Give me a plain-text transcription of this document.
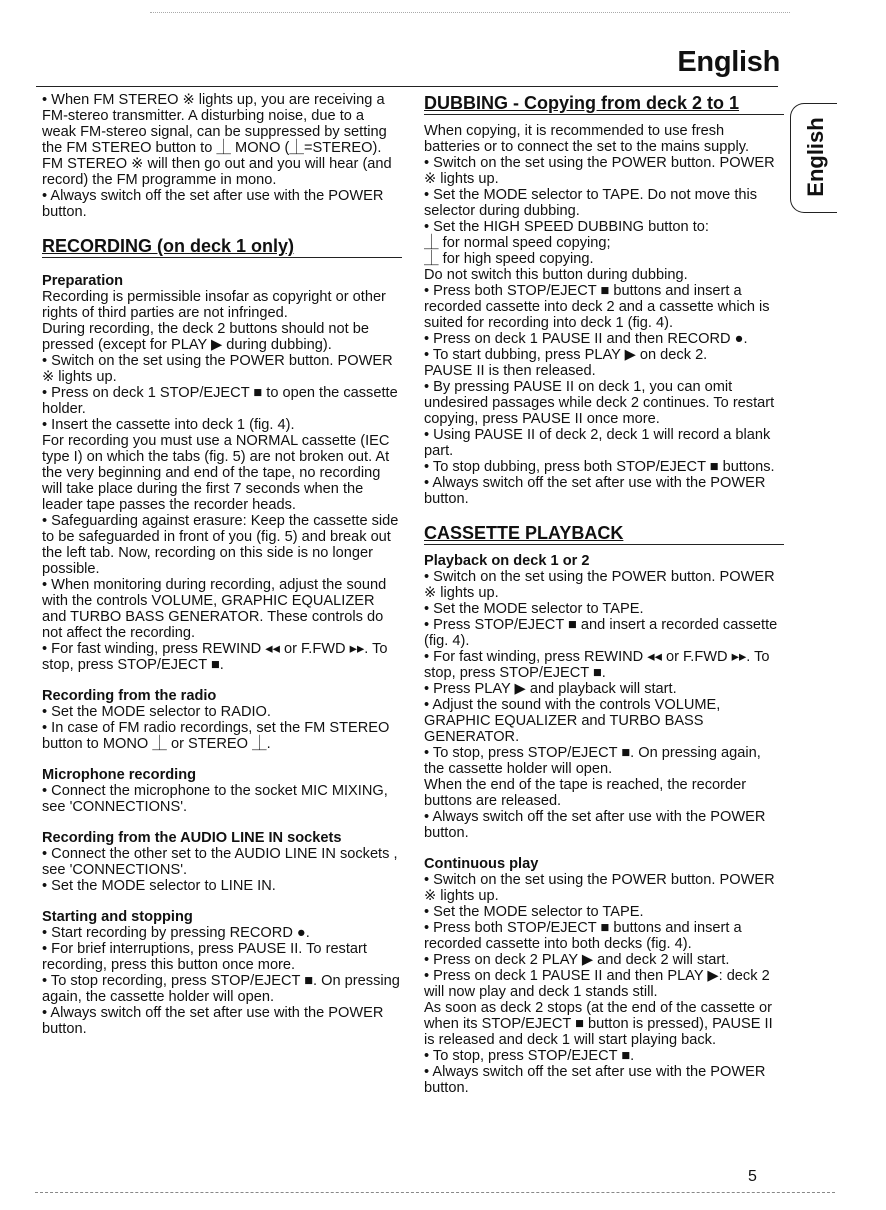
English
English

• When FM STEREO ※ lights up, you are receiving a FM-stereo transmitter. A disturbing noise, due to a weak FM-stereo signal, can be suppressed by setting the FM STEREO button to ⏊ MONO (⏊=STEREO). FM STEREO ※ will then go out and you will hear (and record) the FM programme in mono.

• Always switch off the set after use with the POWER button.

RECORDING (on deck 1 only)

Preparation

Recording is permissible insofar as copyright or other rights of third parties are not infringed.

During recording, the deck 2 buttons should not be pressed (except for PLAY ▶ during dubbing).

• Switch on the set using the POWER button. POWER ※ lights up.

• Press on deck 1 STOP/EJECT ■ to open the cassette holder.

• Insert the cassette into deck 1 (fig. 4).

For recording you must use a NORMAL cassette (IEC type I) on which the tabs (fig. 5) are not broken out. At the very beginning and end of the tape, no recording will take place during the first 7 seconds when the leader tape passes the recorder heads.

• Safeguarding against erasure: Keep the cassette side to be safeguarded in front of you (fig. 5) and break out the left tab. Now, recording on this side is no longer possible.

• When monitoring during recording, adjust the sound with the controls VOLUME, GRAPHIC EQUALIZER and TURBO BASS GENERATOR. These controls do not affect the recording.

• For fast winding, press REWIND ◂◂ or F.FWD ▸▸. To stop, press STOP/EJECT ■.

Recording from the radio

• Set the MODE selector to RADIO.

• In case of FM radio recordings, set the FM STEREO button to MONO ⏊ or STEREO ⏊.

Microphone recording

• Connect the microphone to the socket MIC MIXING, see 'CONNECTIONS'.

Recording from the AUDIO LINE IN sockets

• Connect the other set to the AUDIO LINE IN sockets , see 'CONNECTIONS'.

• Set the MODE selector to LINE IN.

Starting and stopping

• Start recording by pressing RECORD ●.

• For brief interruptions, press PAUSE II. To restart recording, press this button once more.

• To stop recording, press STOP/EJECT ■. On pressing again, the cassette holder will open.

• Always switch off the set after use with the POWER button.

DUBBING - Copying from deck 2 to 1

When copying, it is recommended to use fresh batteries or to connect the set to the mains supply.

• Switch on the set using the POWER button. POWER ※ lights up.

• Set the MODE selector to TAPE. Do not move this selector during dubbing.

• Set the HIGH SPEED DUBBING button to:

⏊ for normal speed copying;

⏊ for high speed copying.

Do not switch this button during dubbing.

• Press both STOP/EJECT ■ buttons and insert a recorded cassette into deck 2 and a cassette which is suited for recording into deck 1 (fig. 4).

• Press on deck 1 PAUSE II and then RECORD ●.

• To start dubbing, press PLAY ▶ on deck 2.

PAUSE II is then released.

• By pressing PAUSE II on deck 1, you can omit undesired passages while deck 2 continues. To restart copying, press PAUSE II once more.

• Using PAUSE II of deck 2, deck 1 will record a blank part.

• To stop dubbing, press both STOP/EJECT ■ buttons.

• Always switch off the set after use with the POWER button.

CASSETTE PLAYBACK

Playback on deck 1 or 2

• Switch on the set using the POWER button. POWER ※ lights up.

• Set the MODE selector to TAPE.

• Press STOP/EJECT ■ and insert a recorded cassette (fig. 4).

• For fast winding, press REWIND ◂◂ or F.FWD ▸▸. To stop, press STOP/EJECT ■.

• Press PLAY ▶ and playback will start.

• Adjust the sound with the controls VOLUME, GRAPHIC EQUALIZER and TURBO BASS GENERATOR.

• To stop, press STOP/EJECT ■. On pressing again, the cassette holder will open.

When the end of the tape is reached, the recorder buttons are released.

• Always switch off the set after use with the POWER button.

Continuous play

• Switch on the set using the POWER button. POWER ※ lights up.

• Set the MODE selector to TAPE.

• Press both STOP/EJECT ■ buttons and insert a recorded cassette into both decks (fig. 4).

• Press on deck 2 PLAY ▶ and deck 2 will start.

• Press on deck 1 PAUSE II and then PLAY ▶: deck 2 will now play and deck 1 stands still.

As soon as deck 2 stops (at the end of the cassette or when its STOP/EJECT ■ button is pressed), PAUSE II is released and deck 1 will start playing back.

• To stop, press STOP/EJECT ■.

• Always switch off the set after use with the POWER button.

5
